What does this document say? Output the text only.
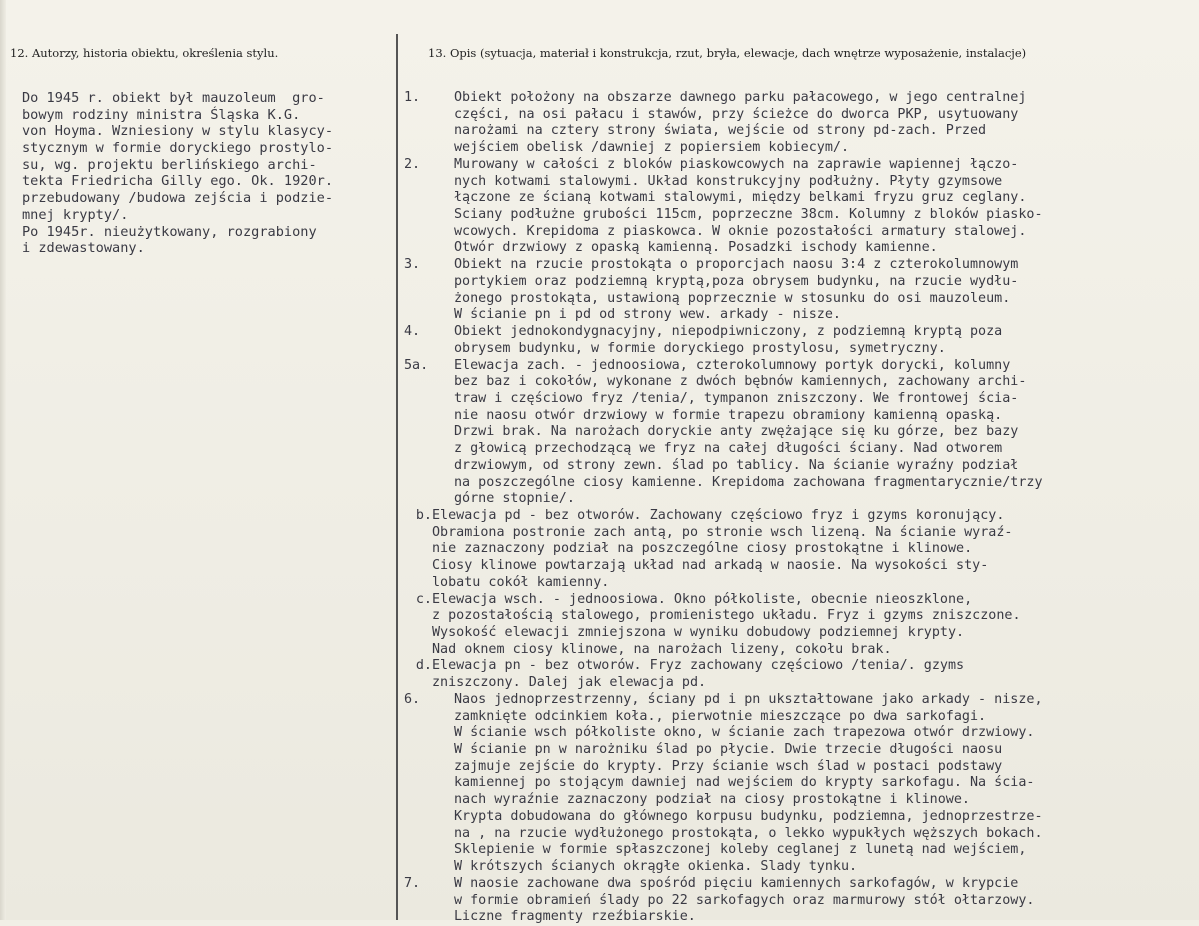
12. Autorzy, historia obiektu, określenia stylu.	13. Opis (sytuacja, materiał i konstrukcja, rzut, bryła, elewacje, dach wnętrze wyposażenie, instalacje)
Do 1945 r. obiekt był mauzoleum  gro-
bowym rodziny ministra Śląska K.G.
von Hoyma. Wzniesiony w stylu klasycy-
stycznym w formie doryckiego prostylo-
su, wg. projektu berlińskiego archi-
tekta Friedricha Gilly ego. Ok. 1920r.
przebudowany /budowa zejścia i podzie-
mnej krypty/.
Po 1945r. nieużytkowany, rozgrabiony
i zdewastowany.
1.	Obiekt położony na obszarze dawnego parku pałacowego, w jego centralnej
części, na osi pałacu i stawów, przy ścieżce do dworca PKP, usytuowany
narożami na cztery strony świata, wejście od strony pd-zach. Przed
wejściem obelisk /dawniej z popiersiem kobiecym/.
2.	Murowany w całości z bloków piaskowcowych na zaprawie wapiennej łączo-
nych kotwami stalowymi. Układ konstrukcyjny podłużny. Płyty gzymsowe
łączone ze ścianą kotwami stalowymi, między belkami fryzu gruz ceglany.
Ściany podłużne grubości 115cm, poprzeczne 38cm. Kolumny z bloków piasko-
wcowych. Krepidoma z piaskowca. W oknie pozostałości armatury stalowej.
Otwór drzwiowy z opaską kamienną. Posadzki ischody kamienne.
3.	Obiekt na rzucie prostokąta o proporcjach naosu 3:4 z czterokolumnowym
portykiem oraz podziemną kryptą,poza obrysem budynku, na rzucie wydłu-
żonego prostokąta, ustawioną poprzecznie w stosunku do osi mauzoleum.
W ścianie pn i pd od strony wew. arkady - nisze.
4.	Obiekt jednokondygnacyjny, niepodpiwniczony, z podziemną kryptą poza
obrysem budynku, w formie doryckiego prostylosu, symetryczny.
5a.	Elewacja zach. - jednoosiowa, czterokolumnowy portyk dorycki, kolumny
bez baz i cokołów, wykonane z dwóch bębnów kamiennych, zachowany archi-
traw i częściowo fryz /tenia/, tympanon zniszczony. We frontowej ścia-
nie naosu otwór drzwiowy w formie trapezu obramiony kamienną opaską.
Drzwi brak. Na narożach doryckie anty zwężające się ku górze, bez bazy
z głowicą przechodzącą we fryz na całej długości ściany. Nad otworem
drzwiowym, od strony zewn. ślad po tablicy. Na ścianie wyraźny podział
na poszczególne ciosy kamienne. Krepidoma zachowana fragmentarycznie/trzy
górne stopnie/.
b. Elewacja pd - bez otworów. Zachowany częściowo fryz i gzyms koronujący.
Obramiona postronie zach antą, po stronie wsch lizeną. Na ścianie wyraź-
nie zaznaczony podział na poszczególne ciosy prostokątne i klinowe.
Ciosy klinowe powtarzają układ nad arkadą w naosie. Na wysokości sty-
lobatu cokół kamienny.
c. Elewacja wsch. - jednoosiowa. Okno półkoliste, obecnie nieoszklone,
z pozostałością stalowego, promienistego układu. Fryz i gzyms zniszczone.
Wysokość elewacji zmniejszona w wyniku dobudowy podziemnej krypty.
Nad oknem ciosy klinowe, na narożach lizeny, cokołu brak.
d. Elewacja pn - bez otworów. Fryz zachowany częściowo /tenia/. gzyms
zniszczony. Dalej jak elewacja pd.
6.	Naos jednoprzestrzenny, ściany pd i pn ukształtowane jako arkady - nisze,
zamknięte odcinkiem koła., pierwotnie mieszczące po dwa sarkofagi.
W ścianie wsch półkoliste okno, w ścianie zach trapezowa otwór drzwiowy.
W ścianie pn w narożniku ślad po płycie. Dwie trzecie długości naosu
zajmuje zejście do krypty. Przy ścianie wsch ślad w postaci podstawy
kamiennej po stojącym dawniej nad wejściem do krypty sarkofagu. Na ścia-
nach wyraźnie zaznaczony podział na ciosy prostokątne i klinowe.
Krypta dobudowana do głównego korpusu budynku, podziemna, jednoprzestrze-
na , na rzucie wydłużonego prostokąta, o lekko wypukłych węższych bokach.
Sklepienie w formie spłaszczonej koleby ceglanej z lunetą nad wejściem,
W krótszych ścianych okrągłe okienka. Ślady tynku.
7.	W naosie zachowane dwa spośród pięciu kamiennych sarkofagów, w krypcie
w formie obramień ślady po 22 sarkofagych oraz marmurowy stół ołtarzowy.
Liczne fragmenty rzeźbiarskie.
